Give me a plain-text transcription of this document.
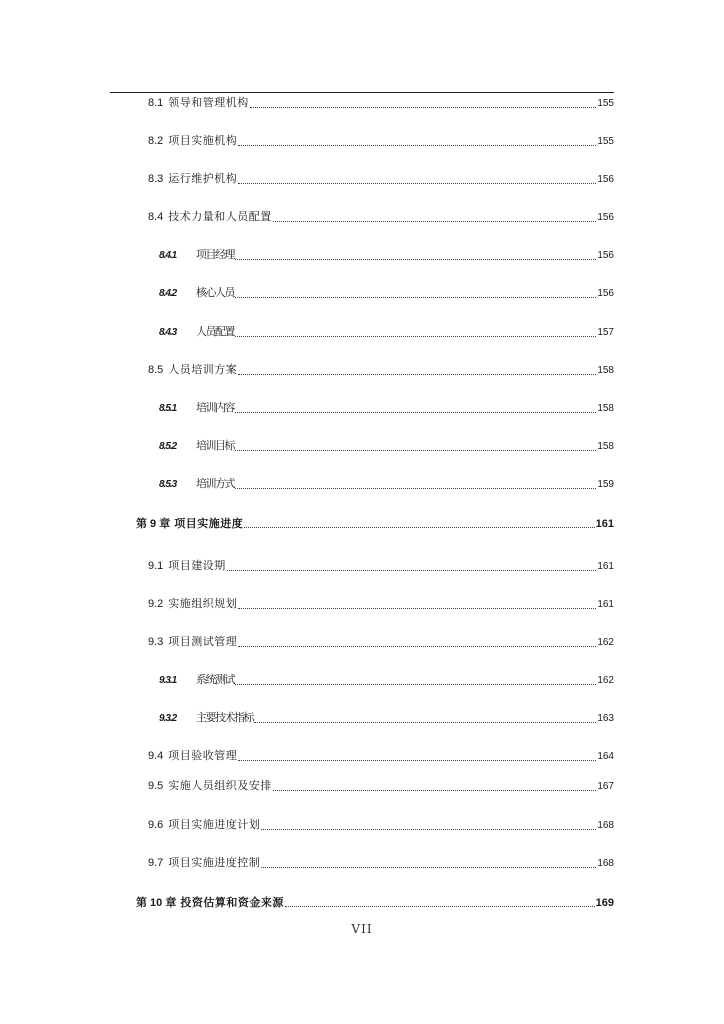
8.1 领导和管理机构	155
8.2 项目实施机构	155
8.3 运行维护机构	156
8.4 技术力量和人员配置	156
8.4.1	项目经理	156
8.4.2	核心人员	156
8.4.3	人员配置	157
8.5 人员培训方案	158
8.5.1	培训内容	158
8.5.2	培训目标	158
8.5.3	培训方式	159
第 9 章 项目实施进度	161
9.1 项目建设期	161
9.2 实施组织规划	161
9.3 项目测试管理	162
9.3.1	系统测试	162
9.3.2	主要技术指标	163
9.4 项目验收管理	164
9.5 实施人员组织及安排	167
9.6 项目实施进度计划	168
9.7 项目实施进度控制	168
第 10 章 投资估算和资金来源	169
VII
